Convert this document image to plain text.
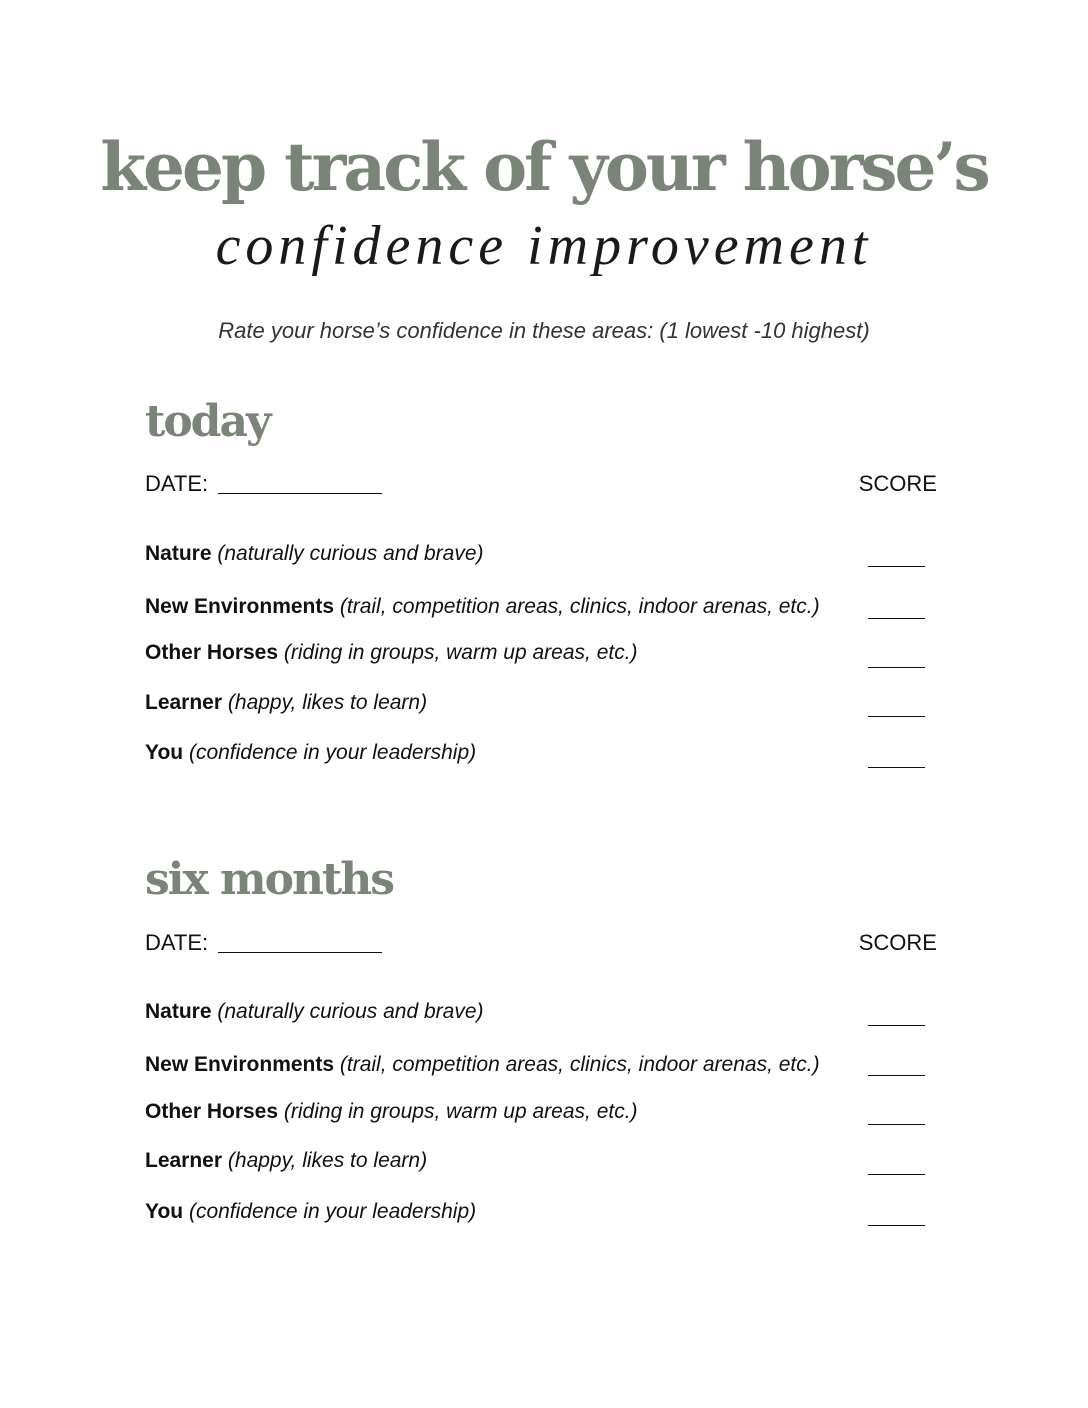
keep track of your horse’s
confidence improvement
Rate your horse’s confidence in these areas: (1 lowest -10 highest)
today
DATE:	SCORE
Nature (naturally curious and brave)
New Environments (trail, competition areas, clinics, indoor arenas, etc.)
Other Horses (riding in groups, warm up areas, etc.)
Learner (happy, likes to learn)
You (confidence in your leadership)
six months
DATE:	SCORE
Nature (naturally curious and brave)
New Environments (trail, competition areas, clinics, indoor arenas, etc.)
Other Horses (riding in groups, warm up areas, etc.)
Learner (happy, likes to learn)
You (confidence in your leadership)
